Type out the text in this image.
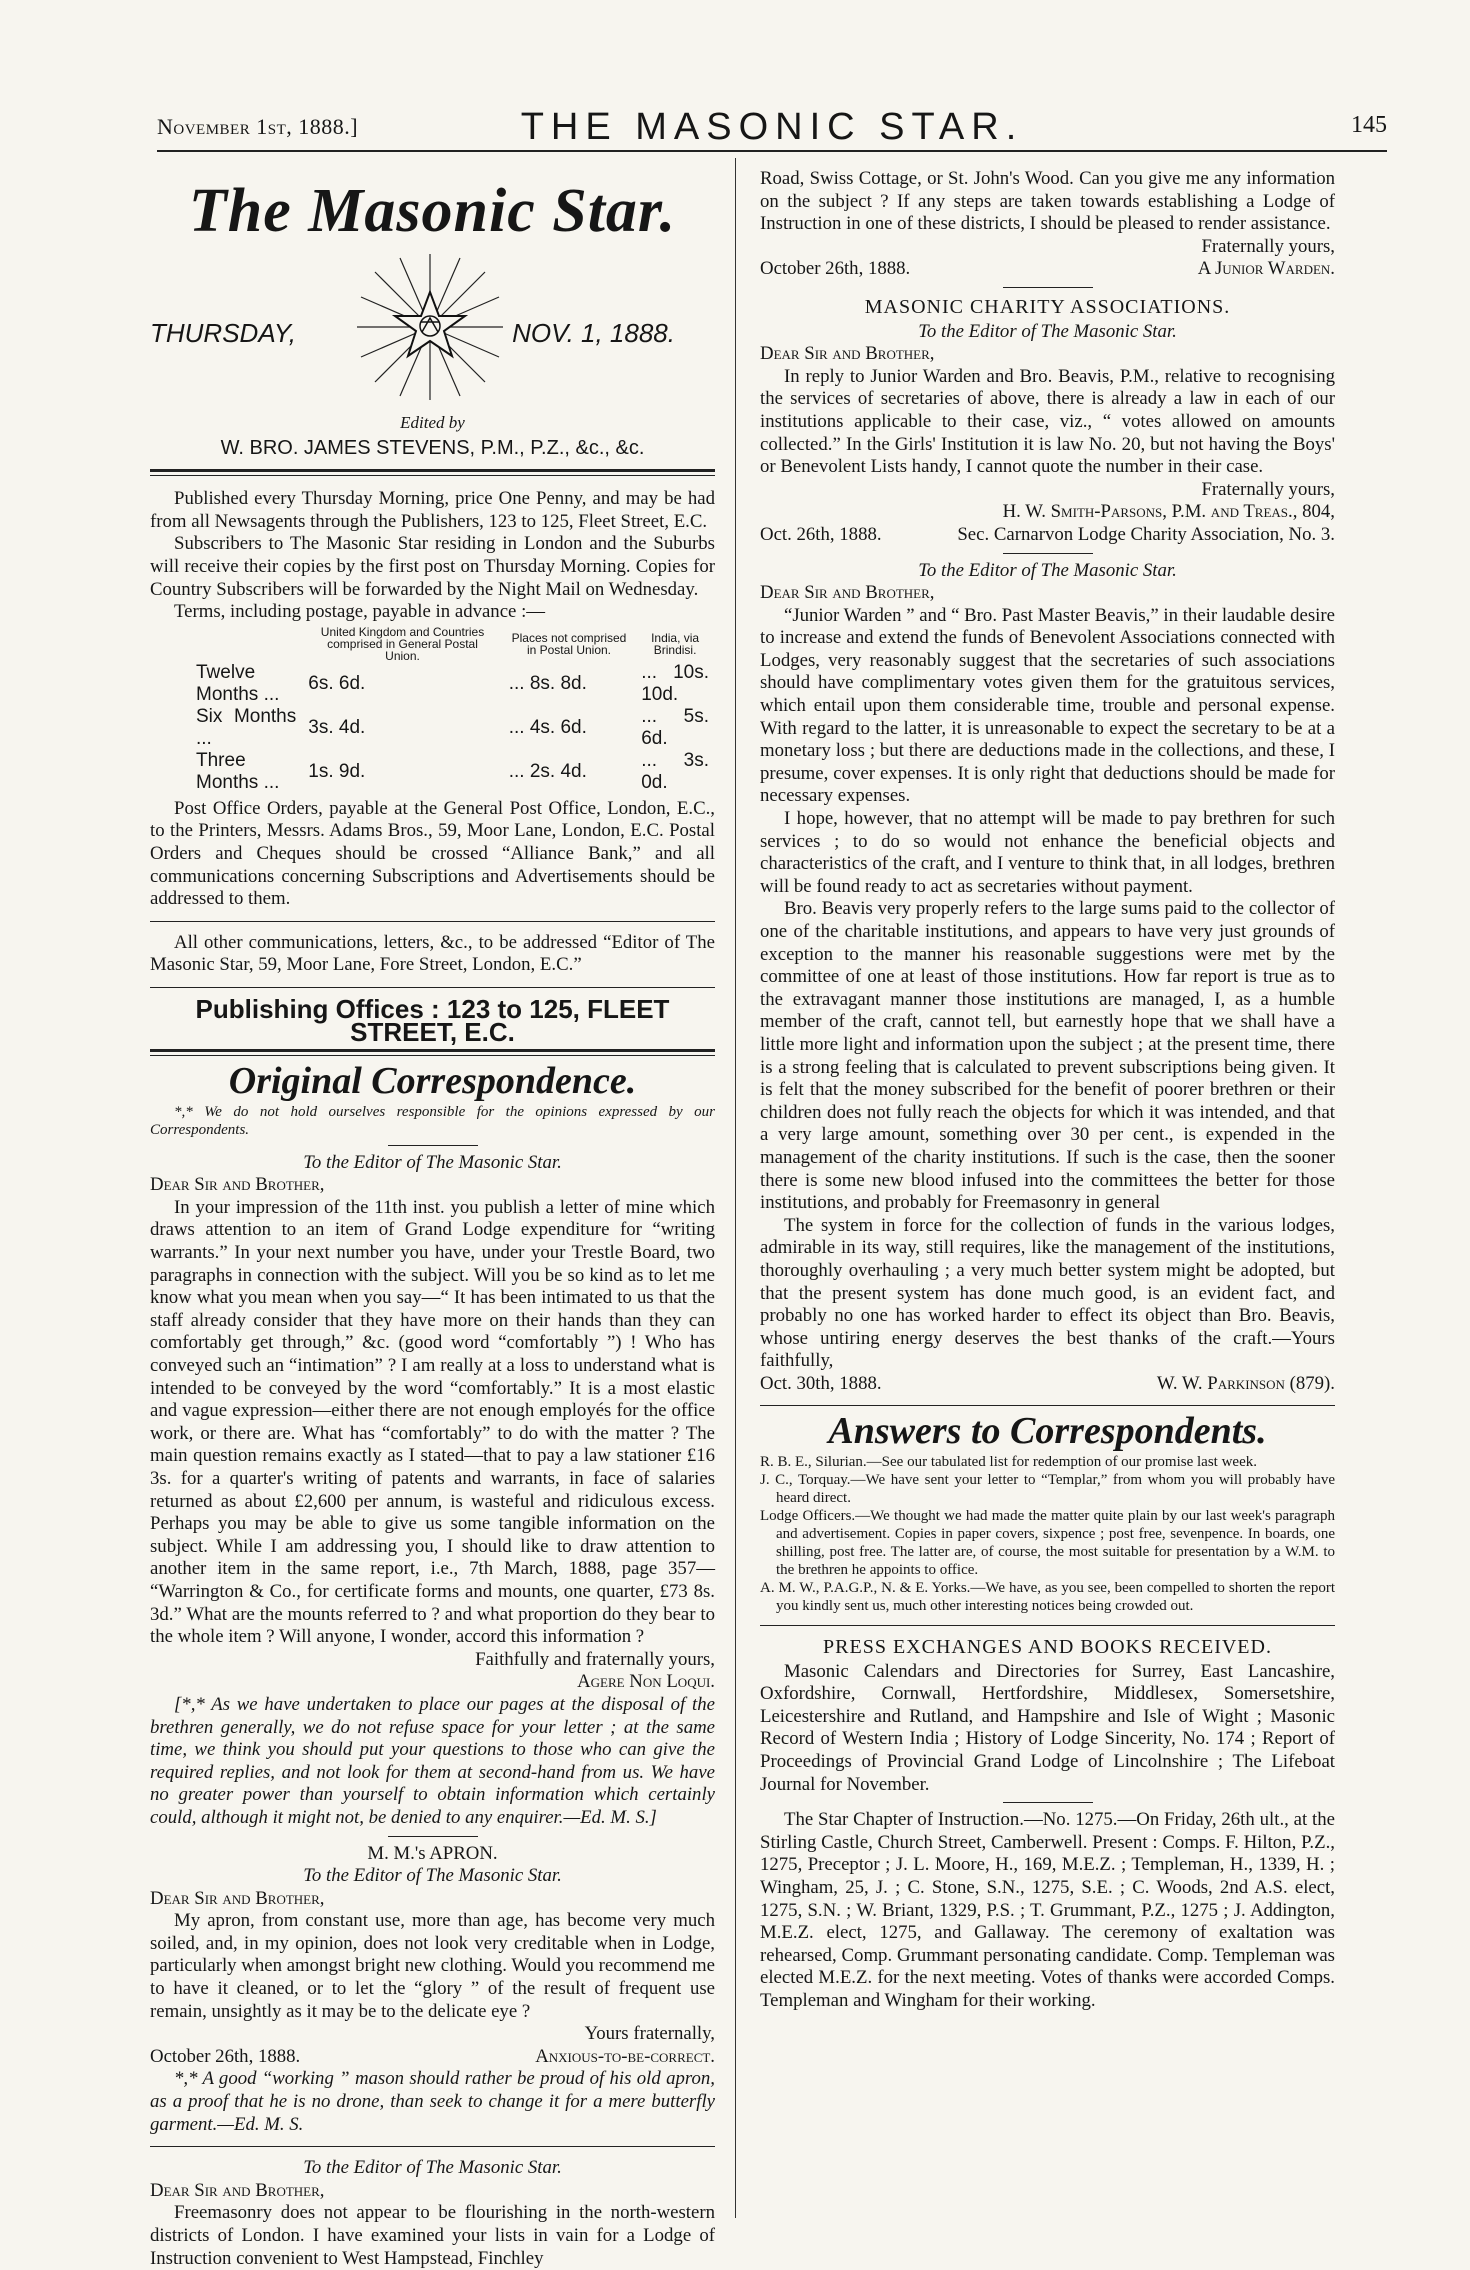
November 1st, 1888.]	THE MASONIC STAR.	145
The Masonic Star.
THURSDAY,	NOV. 1, 1888.
Edited by
W. BRO. JAMES STEVENS, P.M., P.Z., &c., &c.

Published every Thursday Morning, price One Penny, and may be had from all Newsagents through the Publishers, 123 to 125, Fleet Street, E.C.

Subscribers to The Masonic Star residing in London and the Suburbs will receive their copies by the first post on Thursday Morning. Copies for Country Subscribers will be forwarded by the Night Mail on Wednesday.

Terms, including postage, payable in advance :—

	United Kingdom and Countries comprised in General Postal Union.	Places not comprised in Postal Union.	India, via Brindisi.
Twelve Months ...	6s. 6d.	... 8s. 8d.	... 10s. 10d.
Six Months ...	3s. 4d.	... 4s. 6d.	... 5s. 6d.
Three Months ...	1s. 9d.	... 2s. 4d.	... 3s. 0d.

Post Office Orders, payable at the General Post Office, London, E.C., to the Printers, Messrs. Adams Bros., 59, Moor Lane, London, E.C. Postal Orders and Cheques should be crossed “Alliance Bank,” and all communications concerning Subscriptions and Advertisements should be addressed to them.

All other communications, letters, &c., to be addressed “Editor of The Masonic Star, 59, Moor Lane, Fore Street, London, E.C.”

Publishing Offices : 123 to 125, FLEET STREET, E.C.
Original Correspondence.

*,* We do not hold ourselves responsible for the opinions expressed by our Correspondents.

To the Editor of The Masonic Star.

Dear Sir and Brother,

In your impression of the 11th inst. you publish a letter of mine which draws attention to an item of Grand Lodge expenditure for “writing warrants.” In your next number you have, under your Trestle Board, two paragraphs in connection with the subject. Will you be so kind as to let me know what you mean when you say—“ It has been intimated to us that the staff already consider that they have more on their hands than they can comfortably get through,” &c. (good word “comfortably ”) ! Who has conveyed such an “intimation” ? I am really at a loss to understand what is intended to be conveyed by the word “comfortably.” It is a most elastic and vague expression—either there are not enough employés for the office work, or there are. What has “comfortably” to do with the matter ? The main question remains exactly as I stated—that to pay a law stationer £16 3s. for a quarter's writing of patents and warrants, in face of salaries returned as about £2,600 per annum, is wasteful and ridiculous excess. Perhaps you may be able to give us some tangible information on the subject. While I am addressing you, I should like to draw attention to another item in the same report, i.e., 7th March, 1888, page 357— “Warrington & Co., for certificate forms and mounts, one quarter, £73 8s. 3d.” What are the mounts referred to ? and what proportion do they bear to the whole item ? Will anyone, I wonder, accord this information ?

Faithfully and fraternally yours,

Agere Non Loqui.

[*,* As we have undertaken to place our pages at the disposal of the brethren generally, we do not refuse space for your letter ; at the same time, we think you should put your questions to those who can give the required replies, and not look for them at second-hand from us. We have no greater power than yourself to obtain information which certainly could, although it might not, be denied to any enquirer.—Ed. M. S.]

M. M.'s APRON.

To the Editor of The Masonic Star.

Dear Sir and Brother,

My apron, from constant use, more than age, has become very much soiled, and, in my opinion, does not look very creditable when in Lodge, particularly when amongst bright new clothing. Would you recommend me to have it cleaned, or to let the “glory ” of the result of frequent use remain, unsightly as it may be to the delicate eye ?

Yours fraternally,

October 26th, 1888.	Anxious-to-be-correct.

*,* A good “working ” mason should rather be proud of his old apron, as a proof that he is no drone, than seek to change it for a mere butterfly garment.—Ed. M. S.

To the Editor of The Masonic Star.

Dear Sir and Brother,

Freemasonry does not appear to be flourishing in the north-western districts of London. I have examined your lists in vain for a Lodge of Instruction convenient to West Hampstead, Finchley

Road, Swiss Cottage, or St. John's Wood. Can you give me any information on the subject ? If any steps are taken towards establishing a Lodge of Instruction in one of these districts, I should be pleased to render assistance.

Fraternally yours,

October 26th, 1888.	A Junior Warden.
MASONIC CHARITY ASSOCIATIONS.

To the Editor of The Masonic Star.

Dear Sir and Brother,

In reply to Junior Warden and Bro. Beavis, P.M., relative to recognising the services of secretaries of above, there is already a law in each of our institutions applicable to their case, viz., “ votes allowed on amounts collected.” In the Girls' Institution it is law No. 20, but not having the Boys' or Benevolent Lists handy, I cannot quote the number in their case.

Fraternally yours,

H. W. Smith-Parsons, P.M. and Treas., 804,

Oct. 26th, 1888.	Sec. Carnarvon Lodge Charity Association, No. 3.

To the Editor of The Masonic Star.

Dear Sir and Brother,

“Junior Warden ” and “ Bro. Past Master Beavis,” in their laudable desire to increase and extend the funds of Benevolent Associations connected with Lodges, very reasonably suggest that the secretaries of such associations should have complimentary votes given them for the gratuitous services, which entail upon them considerable time, trouble and personal expense. With regard to the latter, it is unreasonable to expect the secretary to be at a monetary loss ; but there are deductions made in the collections, and these, I presume, cover expenses. It is only right that deductions should be made for necessary expenses.

I hope, however, that no attempt will be made to pay brethren for such services ; to do so would not enhance the beneficial objects and characteristics of the craft, and I venture to think that, in all lodges, brethren will be found ready to act as secretaries without payment.

Bro. Beavis very properly refers to the large sums paid to the collector of one of the charitable institutions, and appears to have very just grounds of exception to the manner his reasonable suggestions were met by the committee of one at least of those institutions. How far report is true as to the extravagant manner those institutions are managed, I, as a humble member of the craft, cannot tell, but earnestly hope that we shall have a little more light and information upon the subject ; at the present time, there is a strong feeling that is calculated to prevent subscriptions being given. It is felt that the money subscribed for the benefit of poorer brethren or their children does not fully reach the objects for which it was intended, and that a very large amount, something over 30 per cent., is expended in the management of the charity institutions. If such is the case, then the sooner there is some new blood infused into the committees the better for those institutions, and probably for Freemasonry in general

The system in force for the collection of funds in the various lodges, admirable in its way, still requires, like the management of the institutions, thoroughly overhauling ; a very much better system might be adopted, but that the present system has done much good, is an evident fact, and probably no one has worked harder to effect its object than Bro. Beavis, whose untiring energy deserves the best thanks of the craft.—Yours faithfully,

Oct. 30th, 1888.	W. W. Parkinson (879).
Answers to Correspondents.

R. B. E., Silurian.—See our tabulated list for redemption of our promise last week.

J. C., Torquay.—We have sent your letter to “Templar,” from whom you will probably have heard direct.

Lodge Officers.—We thought we had made the matter quite plain by our last week's paragraph and advertisement. Copies in paper covers, sixpence ; post free, sevenpence. In boards, one shilling, post free. The latter are, of course, the most suitable for presentation by a W.M. to the brethren he appoints to office.

A. M. W., P.A.G.P., N. & E. Yorks.—We have, as you see, been compelled to shorten the report you kindly sent us, much other interesting notices being crowded out.

PRESS EXCHANGES AND BOOKS RECEIVED.

Masonic Calendars and Directories for Surrey, East Lancashire, Oxfordshire, Cornwall, Hertfordshire, Middlesex, Somersetshire, Leicestershire and Rutland, and Hampshire and Isle of Wight ; Masonic Record of Western India ; History of Lodge Sincerity, No. 174 ; Report of Proceedings of Provincial Grand Lodge of Lincolnshire ; The Lifeboat Journal for November.

The Star Chapter of Instruction.—No. 1275.—On Friday, 26th ult., at the Stirling Castle, Church Street, Camberwell. Present : Comps. F. Hilton, P.Z., 1275, Preceptor ; J. L. Moore, H., 169, M.E.Z. ; Templeman, H., 1339, H. ; Wingham, 25, J. ; C. Stone, S.N., 1275, S.E. ; C. Woods, 2nd A.S. elect, 1275, S.N. ; W. Briant, 1329, P.S. ; T. Grummant, P.Z., 1275 ; J. Addington, M.E.Z. elect, 1275, and Gallaway. The ceremony of exaltation was rehearsed, Comp. Grummant personating candidate. Comp. Templeman was elected M.E.Z. for the next meeting. Votes of thanks were accorded Comps. Templeman and Wingham for their working.
